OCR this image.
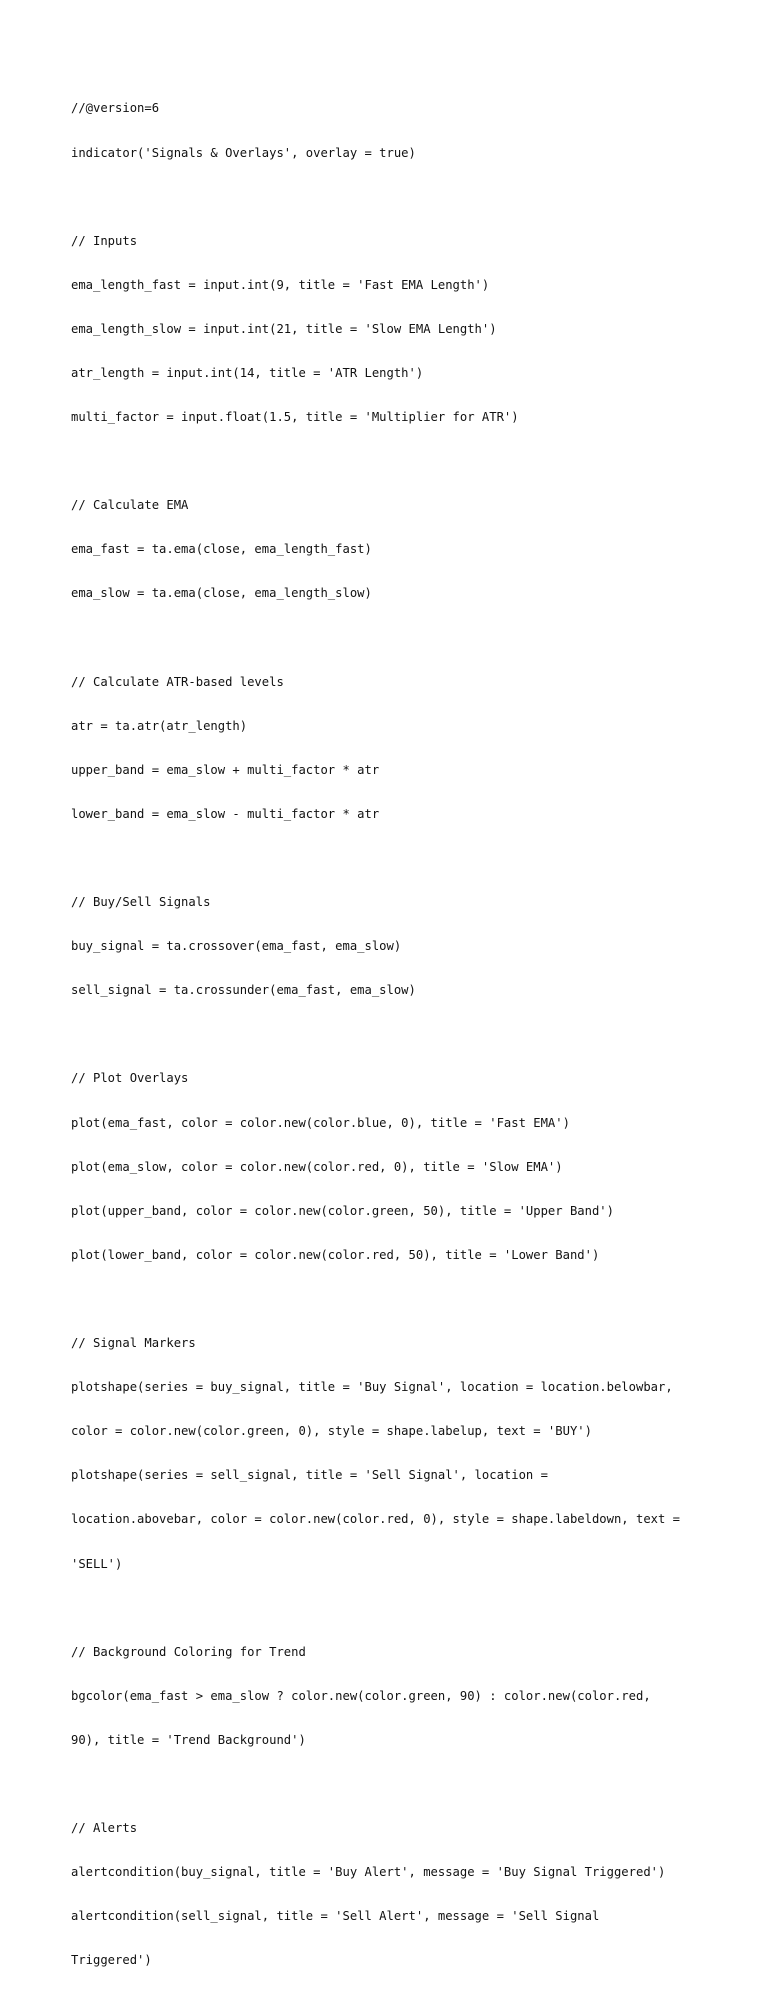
//@version=6

indicator('Signals & Overlays', overlay = true)

// Inputs

ema_length_fast = input.int(9, title = 'Fast EMA Length')

ema_length_slow = input.int(21, title = 'Slow EMA Length')

atr_length = input.int(14, title = 'ATR Length')

multi_factor = input.float(1.5, title = 'Multiplier for ATR')

// Calculate EMA

ema_fast = ta.ema(close, ema_length_fast)

ema_slow = ta.ema(close, ema_length_slow)

// Calculate ATR-based levels

atr = ta.atr(atr_length)

upper_band = ema_slow + multi_factor * atr

lower_band = ema_slow - multi_factor * atr

// Buy/Sell Signals

buy_signal = ta.crossover(ema_fast, ema_slow)

sell_signal = ta.crossunder(ema_fast, ema_slow)

// Plot Overlays

plot(ema_fast, color = color.new(color.blue, 0), title = 'Fast EMA')

plot(ema_slow, color = color.new(color.red, 0), title = 'Slow EMA')

plot(upper_band, color = color.new(color.green, 50), title = 'Upper Band')

plot(lower_band, color = color.new(color.red, 50), title = 'Lower Band')

// Signal Markers

plotshape(series = buy_signal, title = 'Buy Signal', location = location.belowbar,

color = color.new(color.green, 0), style = shape.labelup, text = 'BUY')

plotshape(series = sell_signal, title = 'Sell Signal', location =

location.abovebar, color = color.new(color.red, 0), style = shape.labeldown, text =

'SELL')

// Background Coloring for Trend

bgcolor(ema_fast > ema_slow ? color.new(color.green, 90) : color.new(color.red,

90), title = 'Trend Background')

// Alerts

alertcondition(buy_signal, title = 'Buy Alert', message = 'Buy Signal Triggered')

alertcondition(sell_signal, title = 'Sell Alert', message = 'Sell Signal

Triggered')
